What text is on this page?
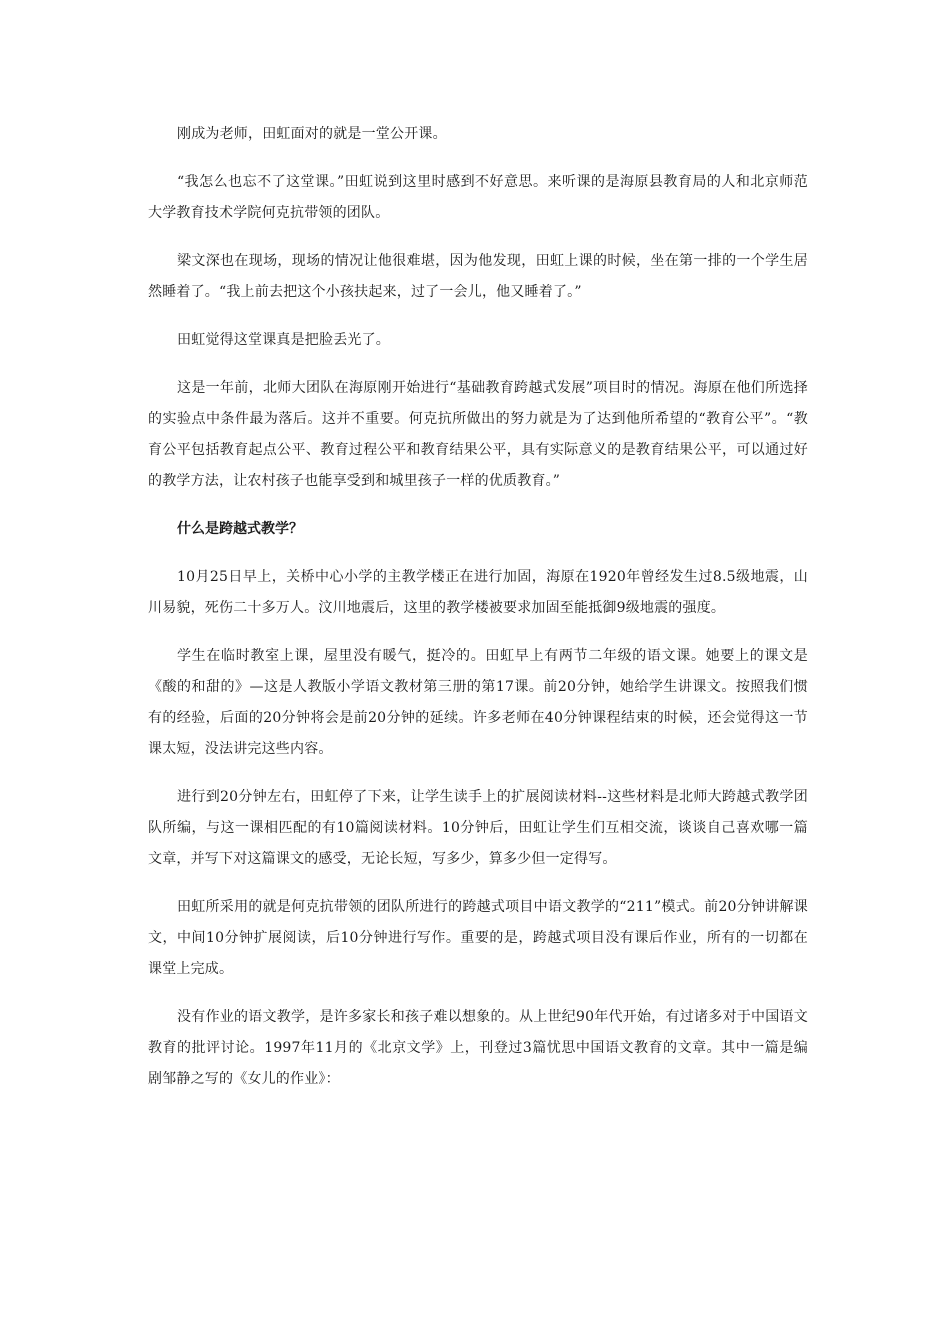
刚成为老师，田虹面对的就是一堂公开课。

“我怎么也忘不了这堂课。”田虹说到这里时感到不好意思。来听课的是海原县教育局的人和北京师范大学教育技术学院何克抗带领的团队。

梁文深也在现场，现场的情况让他很难堪，因为他发现，田虹上课的时候，坐在第一排的一个学生居然睡着了。“我上前去把这个小孩扶起来，过了一会儿，他又睡着了。”

田虹觉得这堂课真是把脸丢光了。

这是一年前，北师大团队在海原刚开始进行“基础教育跨越式发展”项目时的情况。海原在他们所选择的实验点中条件最为落后。这并不重要。何克抗所做出的努力就是为了达到他所希望的“教育公平”。“教育公平包括教育起点公平、教育过程公平和教育结果公平，具有实际意义的是教育结果公平，可以通过好的教学方法，让农村孩子也能享受到和城里孩子一样的优质教育。”

什么是跨越式教学？

10月25日早上，关桥中心小学的主教学楼正在进行加固，海原在1920年曾经发生过8.5级地震，山川易貌，死伤二十多万人。汶川地震后，这里的教学楼被要求加固至能抵御9级地震的强度。

学生在临时教室上课，屋里没有暖气，挺冷的。田虹早上有两节二年级的语文课。她要上的课文是《酸的和甜的》—这是人教版小学语文教材第三册的第17课。前20分钟，她给学生讲课文。按照我们惯有的经验，后面的20分钟将会是前20分钟的延续。许多老师在40分钟课程结束的时候，还会觉得这一节课太短，没法讲完这些内容。

进行到20分钟左右，田虹停了下来，让学生读手上的扩展阅读材料--这些材料是北师大跨越式教学团队所编，与这一课相匹配的有10篇阅读材料。10分钟后，田虹让学生们互相交流，谈谈自己喜欢哪一篇文章，并写下对这篇课文的感受，无论长短，写多少，算多少但一定得写。

田虹所采用的就是何克抗带领的团队所进行的跨越式项目中语文教学的“211”模式。前20分钟讲解课文，中间10分钟扩展阅读，后10分钟进行写作。重要的是，跨越式项目没有课后作业，所有的一切都在课堂上完成。

没有作业的语文教学，是许多家长和孩子难以想象的。从上世纪90年代开始，有过诸多对于中国语文教育的批评讨论。1997年11月的《北京文学》上，刊登过3篇忧思中国语文教育的文章。其中一篇是编剧邹静之写的《女儿的作业》：
